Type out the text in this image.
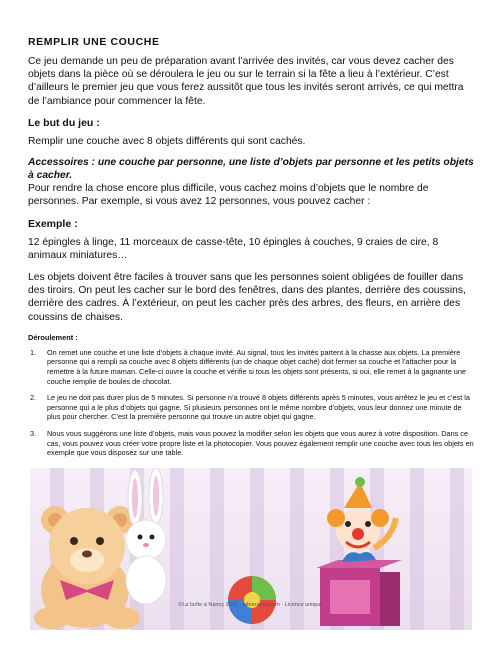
REMPLIR UNE COUCHE

Ce jeu demande un peu de préparation avant l’arrivée des invités, car vous devez cacher des objets dans la pièce où se déroulera le jeu ou sur le terrain si la fête a lieu à l’extérieur. C’est d’ailleurs le premier jeu que vous ferez aussitôt que tous les invités seront arrivés, ce qui mettra de l’ambiance pour commencer la fête.

Le but du jeu :

Remplir une couche avec 8 objets différents qui sont cachés.

Accessoires : une couche par personne, une liste d’objets par personne et les petits objets à cacher.

Pour rendre la chose encore plus difficile, vous cachez moins d’objets que le nombre de personnes. Par exemple, si vous avez 12 personnes, vous pouvez cacher :

Exemple :

12 épingles à linge, 11 morceaux de casse-tête, 10 épingles à couches, 9 craies de cire, 8 animaux miniatures…

Les objets doivent être faciles à trouver sans que les personnes soient obligées de fouiller dans des tiroirs. On peut les cacher sur le bord des fenêtres, dans des plantes, derrière des coussins, derrière des cadres. À l’extérieur, on peut les cacher près des arbres, des fleurs, en arrière des coussins de chaises.

Déroulement :
1. On remet une couche et une liste d’objets à chaque invité. Au signal, tous les invités partent à la chasse aux objets. La première personne qui a rempli sa couche avec 8 objets différents (un de chaque objet caché) doit fermer sa couche et l’attacher pour la remettre à la future maman. Celle-ci ouvre la couche et vérifie si tous les objets sont présents, si oui, elle remet à la gagnante une couche remplie de boules de chocolat.
2. Le jeu ne doit pas durer plus de 5 minutes. Si personne n’a trouvé 8 objets différents après 5 minutes, vous arrêtez le jeu et c’est la personne qui a le plus d’objets qui gagne. Si plusieurs personnes ont le même nombre d’objets, vous leur donnez une minute de plus pour chercher. C’est la première personne qui trouve un autre objet qui gagne.
3. Nous vous suggérons une liste d’objets, mais vous pouvez la modifier selon les objets que vous aurez à votre disposition. Dans ce cas, vous pouvez vous créer votre propre liste et la photocopier. Vous pouvez également remplir une couche avec tous les objets en exemple que vous disposez sur une table.
©La boîte à Nanny 2012 - labonanny.com - Licence unique
